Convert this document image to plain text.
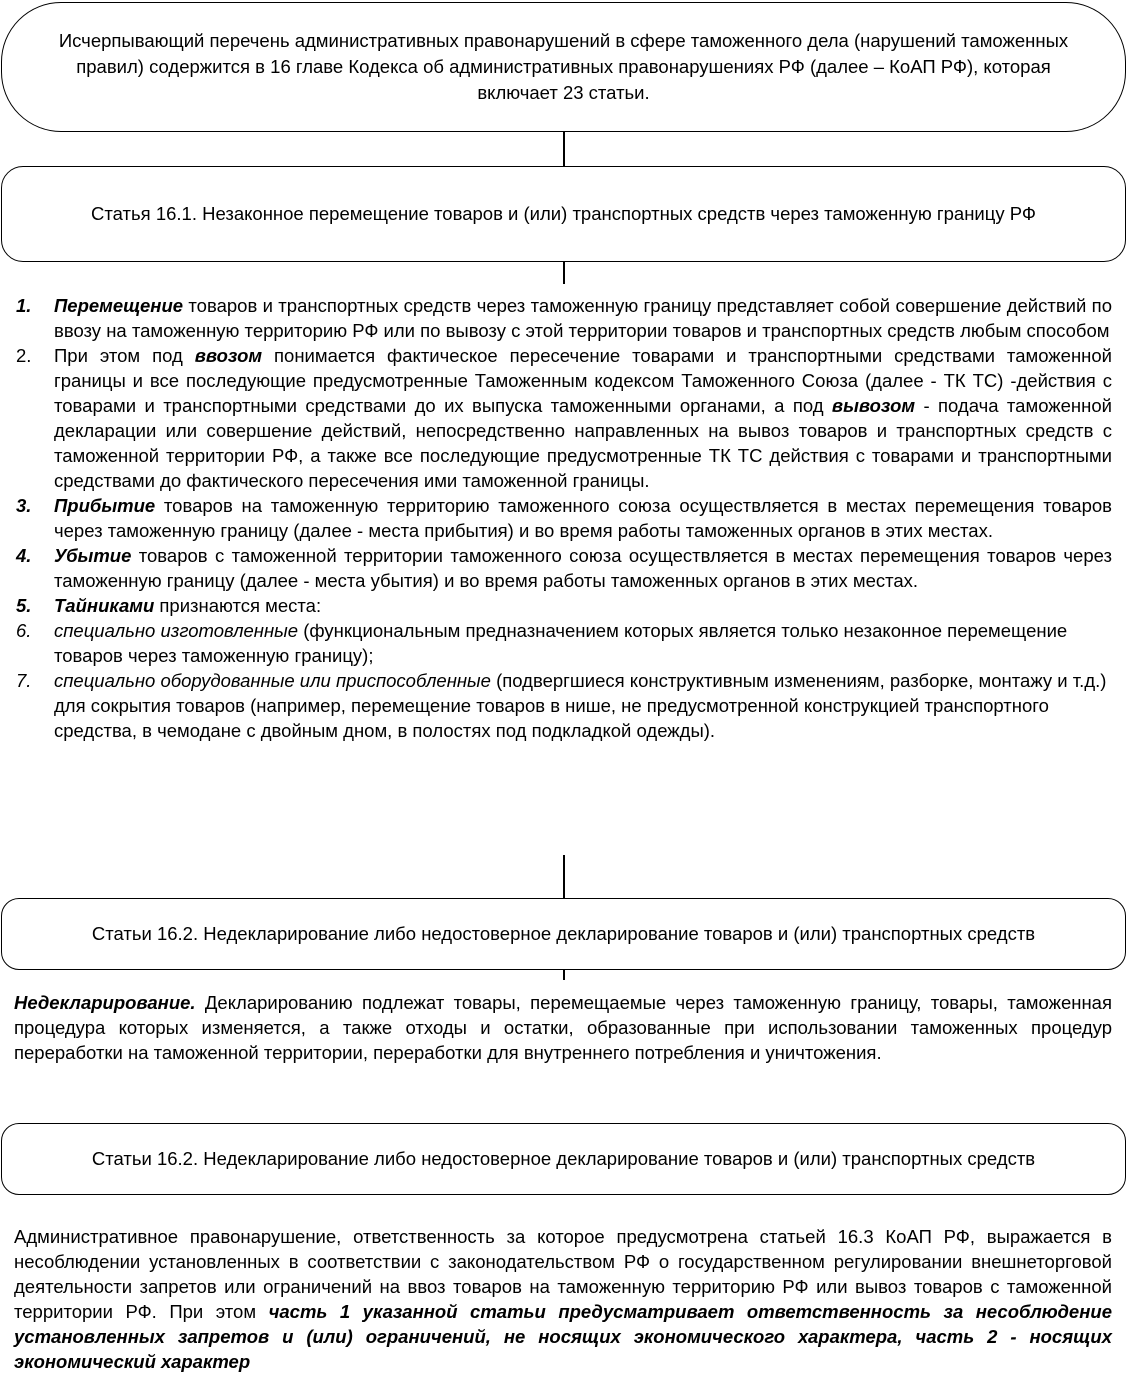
Исчерпывающий перечень административных правонарушений в сфере таможенного дела (нарушений таможенных правил) содержится в 16 главе Кодекса об административных правонарушениях РФ (далее – КоАП РФ), которая включает 23 статьи.
Статья 16.1. Незаконное перемещение товаров и (или) транспортных средств через таможенную границу РФ
1. Перемещение товаров и транспортных средств через таможенную границу представляет собой совершение действий по ввозу на таможенную территорию РФ или по вывозу с этой территории товаров и транспортных средств любым способом
2. При этом под ввозом понимается фактическое пересечение товарами и транспортными средствами таможенной границы и все последующие предусмотренные Таможенным кодексом Таможенного Союза (далее - ТК ТС) -действия с товарами и транспортными средствами до их выпуска таможенными органами, а под вывозом - подача таможенной декларации или совершение действий, непосредственно направленных на вывоз товаров и транспортных средств с таможенной территории РФ, а также все последующие предусмотренные ТК ТС действия с товарами и транспортными средствами до фактического пересечения ими таможенной границы.
3. Прибытие товаров на таможенную территорию таможенного союза осуществляется в местах перемещения товаров через таможенную границу (далее - места прибытия) и во время работы таможенных органов в этих местах.
4. Убытие товаров с таможенной территории таможенного союза осуществляется в местах перемещения товаров через таможенную границу (далее - места убытия) и во время работы таможенных органов в этих местах.
5. Тайниками признаются места:
6. специально изготовленные (функциональным предназначением которых является только незаконное перемещение товаров через таможенную границу);
7. специально оборудованные или приспособленные (подвергшиеся конструктивным изменениям, разборке, монтажу и т.д.) для сокрытия товаров (например, перемещение товаров в нише, не предусмотренной конструкцией транспортного средства, в чемодане с двойным дном, в полостях под подкладкой одежды).
Статьи 16.2. Недекларирование либо недостоверное декларирование товаров и (или) транспортных средств
Недекларирование. Декларированию подлежат товары, перемещаемые через таможенную границу, товары, таможенная процедура которых изменяется, а также отходы и остатки, образованные при использовании таможенных процедур переработки на таможенной территории, переработки для внутреннего потребления и уничтожения.
Статьи 16.2. Недекларирование либо недостоверное декларирование товаров и (или) транспортных средств
Административное правонарушение, ответственность за которое предусмотрена статьей 16.3 КоАП РФ, выражается в несоблюдении установленных в соответствии с законодательством РФ о государственном регулировании внешнеторговой деятельности запретов или ограничений на ввоз товаров на таможенную территорию РФ или вывоз товаров с таможенной территории РФ. При этом часть 1 указанной статьи предусматривает ответственность за несоблюдение установленных запретов и (или) ограничений, не носящих экономического характера, часть 2 - носящих экономический характер
